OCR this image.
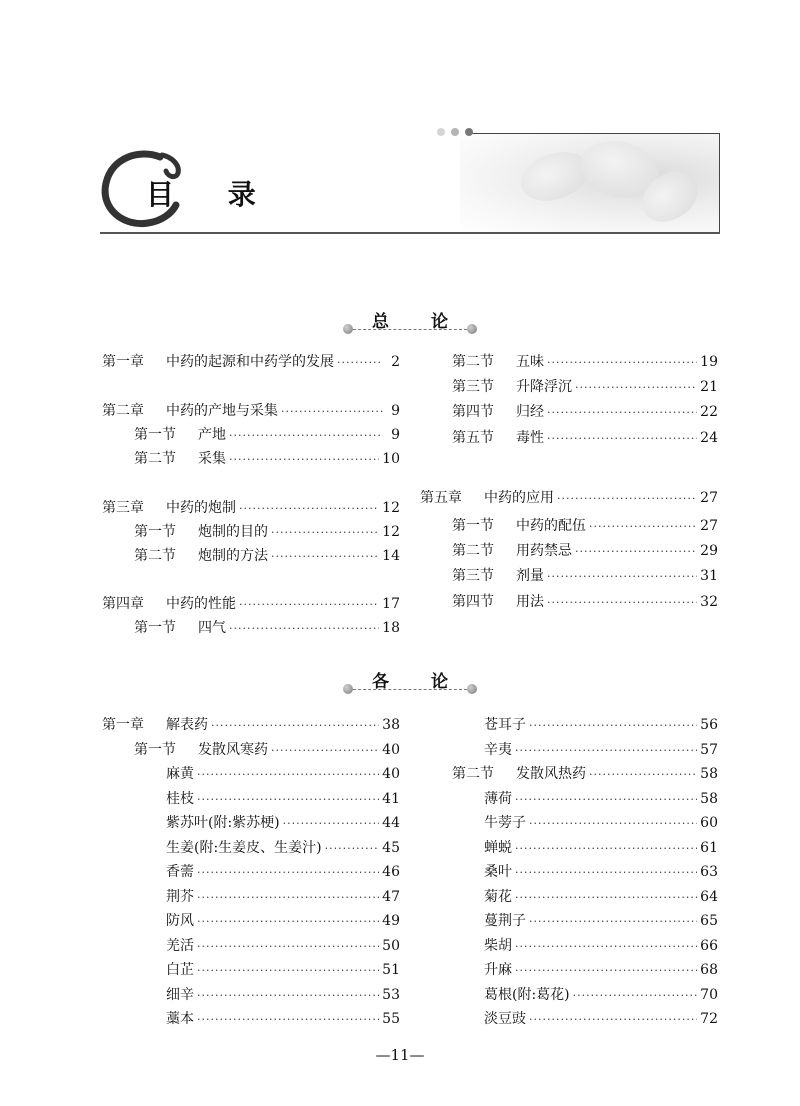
目 录
总 论
第一章 中药的起源和中药学的发展 ·····	2
第二章 中药的产地与采集 ·····	9
第一节 产地 ·····	9
第二节 采集 ·····	10
第三章 中药的炮制 ·····	12
第一节 炮制的目的 ·····	12
第二节 炮制的方法 ·····	14
第四章 中药的性能 ·····	17
第一节 四气 ·····	18
第二节 五味 ·····	19
第三节 升降浮沉 ·····	21
第四节 归经 ·····	22
第五节 毒性 ·····	24
第五章 中药的应用 ·····	27
第一节 中药的配伍 ·····	27
第二节 用药禁忌 ·····	29
第三节 剂量 ·····	31
第四节 用法 ·····	32
各 论
第一章 解表药 ·····	38
第一节 发散风寒药 ·····	40
麻黄 ·····	40
桂枝 ·····	41
紫苏叶(附:紫苏梗) ·····	44
生姜(附:生姜皮、生姜汁) ·····	45
香薷 ·····	46
荆芥 ·····	47
防风 ·····	49
羌活 ·····	50
白芷 ·····	51
细辛 ·····	53
藁本 ·····	55
苍耳子 ·····	56
辛夷 ·····	57
第二节 发散风热药 ·····	58
薄荷 ·····	58
牛蒡子 ·····	60
蝉蜕 ·····	61
桑叶 ·····	63
菊花 ·····	64
蔓荆子 ·····	65
柴胡 ·····	66
升麻 ·····	68
葛根(附:葛花) ·····	70
淡豆豉 ·····	72
—11—
